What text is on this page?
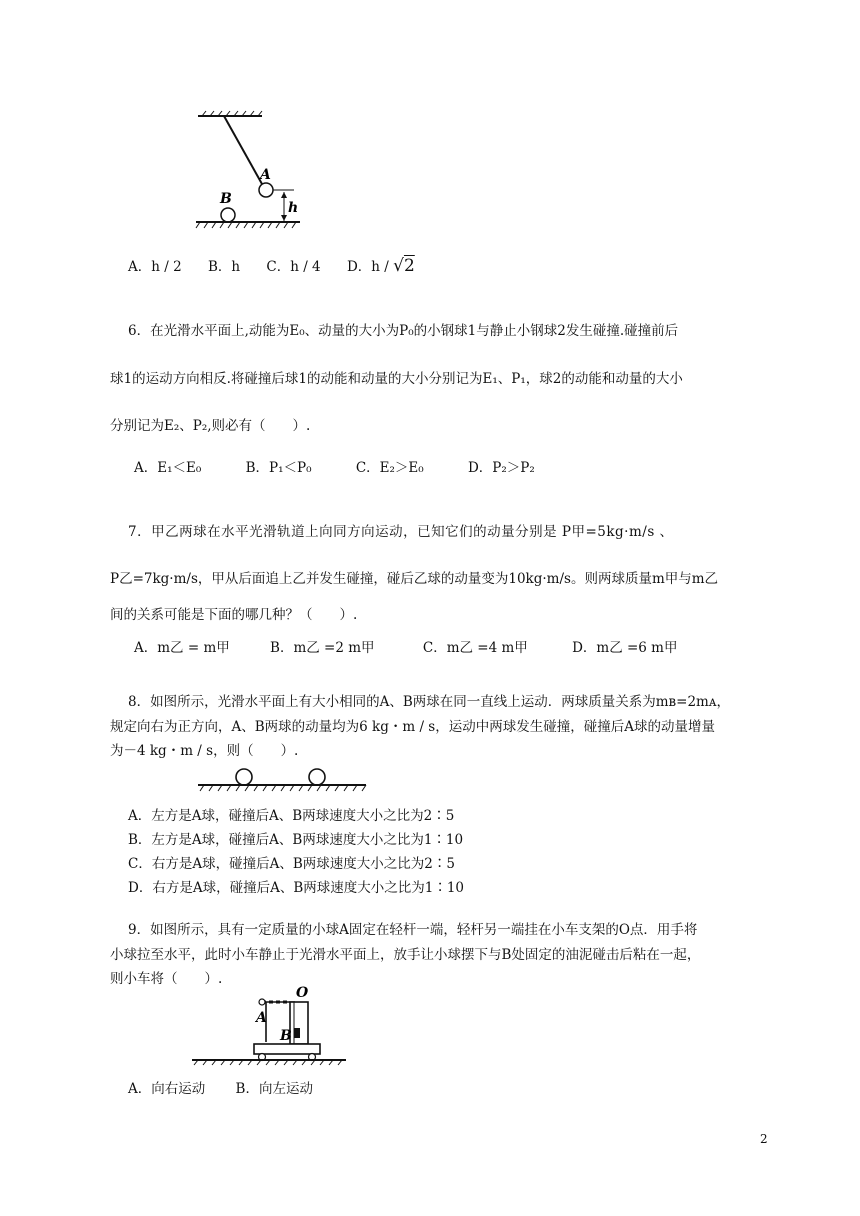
A
B
h
A．h / 2 B．h C．h / 4 D．h / √2
6．在光滑水平面上,动能为E₀、动量的大小为P₀的小钢球1与静止小钢球2发生碰撞.碰撞前后
球1的运动方向相反.将碰撞后球1的动能和动量的大小分别记为E₁、P₁，球2的动能和动量的大小
分别记为E₂、P₂,则必有（　　）.
A．E₁＜E₀	B．P₁＜P₀	C．E₂＞E₀	D．P₂＞P₂
7．甲乙两球在水平光滑轨道上向同方向运动，已知它们的动量分别是 P甲=5kg·m/s 、
P乙=7kg·m/s，甲从后面追上乙并发生碰撞，碰后乙球的动量变为10kg·m/s。则两球质量m甲与m乙
间的关系可能是下面的哪几种？（　　）.
A．m乙 = m甲	B．m乙 =2 m甲	C．m乙 =4 m甲	D．m乙 =6 m甲
8．如图所示，光滑水平面上有大小相同的A、B两球在同一直线上运动．两球质量关系为mʙ=2mᴀ，
规定向右为正方向，A、B两球的动量均为6 kg・m / s，运动中两球发生碰撞，碰撞后A球的动量增量
为－4 kg・m / s，则（　　）.
A．左方是A球，碰撞后A、B两球速度大小之比为2∶5
B．左方是A球，碰撞后A、B两球速度大小之比为1∶10
C．右方是A球，碰撞后A、B两球速度大小之比为2∶5
D．右方是A球，碰撞后A、B两球速度大小之比为1∶10
9．如图所示，具有一定质量的小球A固定在轻杆一端，轻杆另一端挂在小车支架的O点．用手将
小球拉至水平，此时小车静止于光滑水平面上，放手让小球摆下与B处固定的油泥碰击后粘在一起，
则小车将（　　）.
O
A
B
A．向右运动 B．向左运动
2
